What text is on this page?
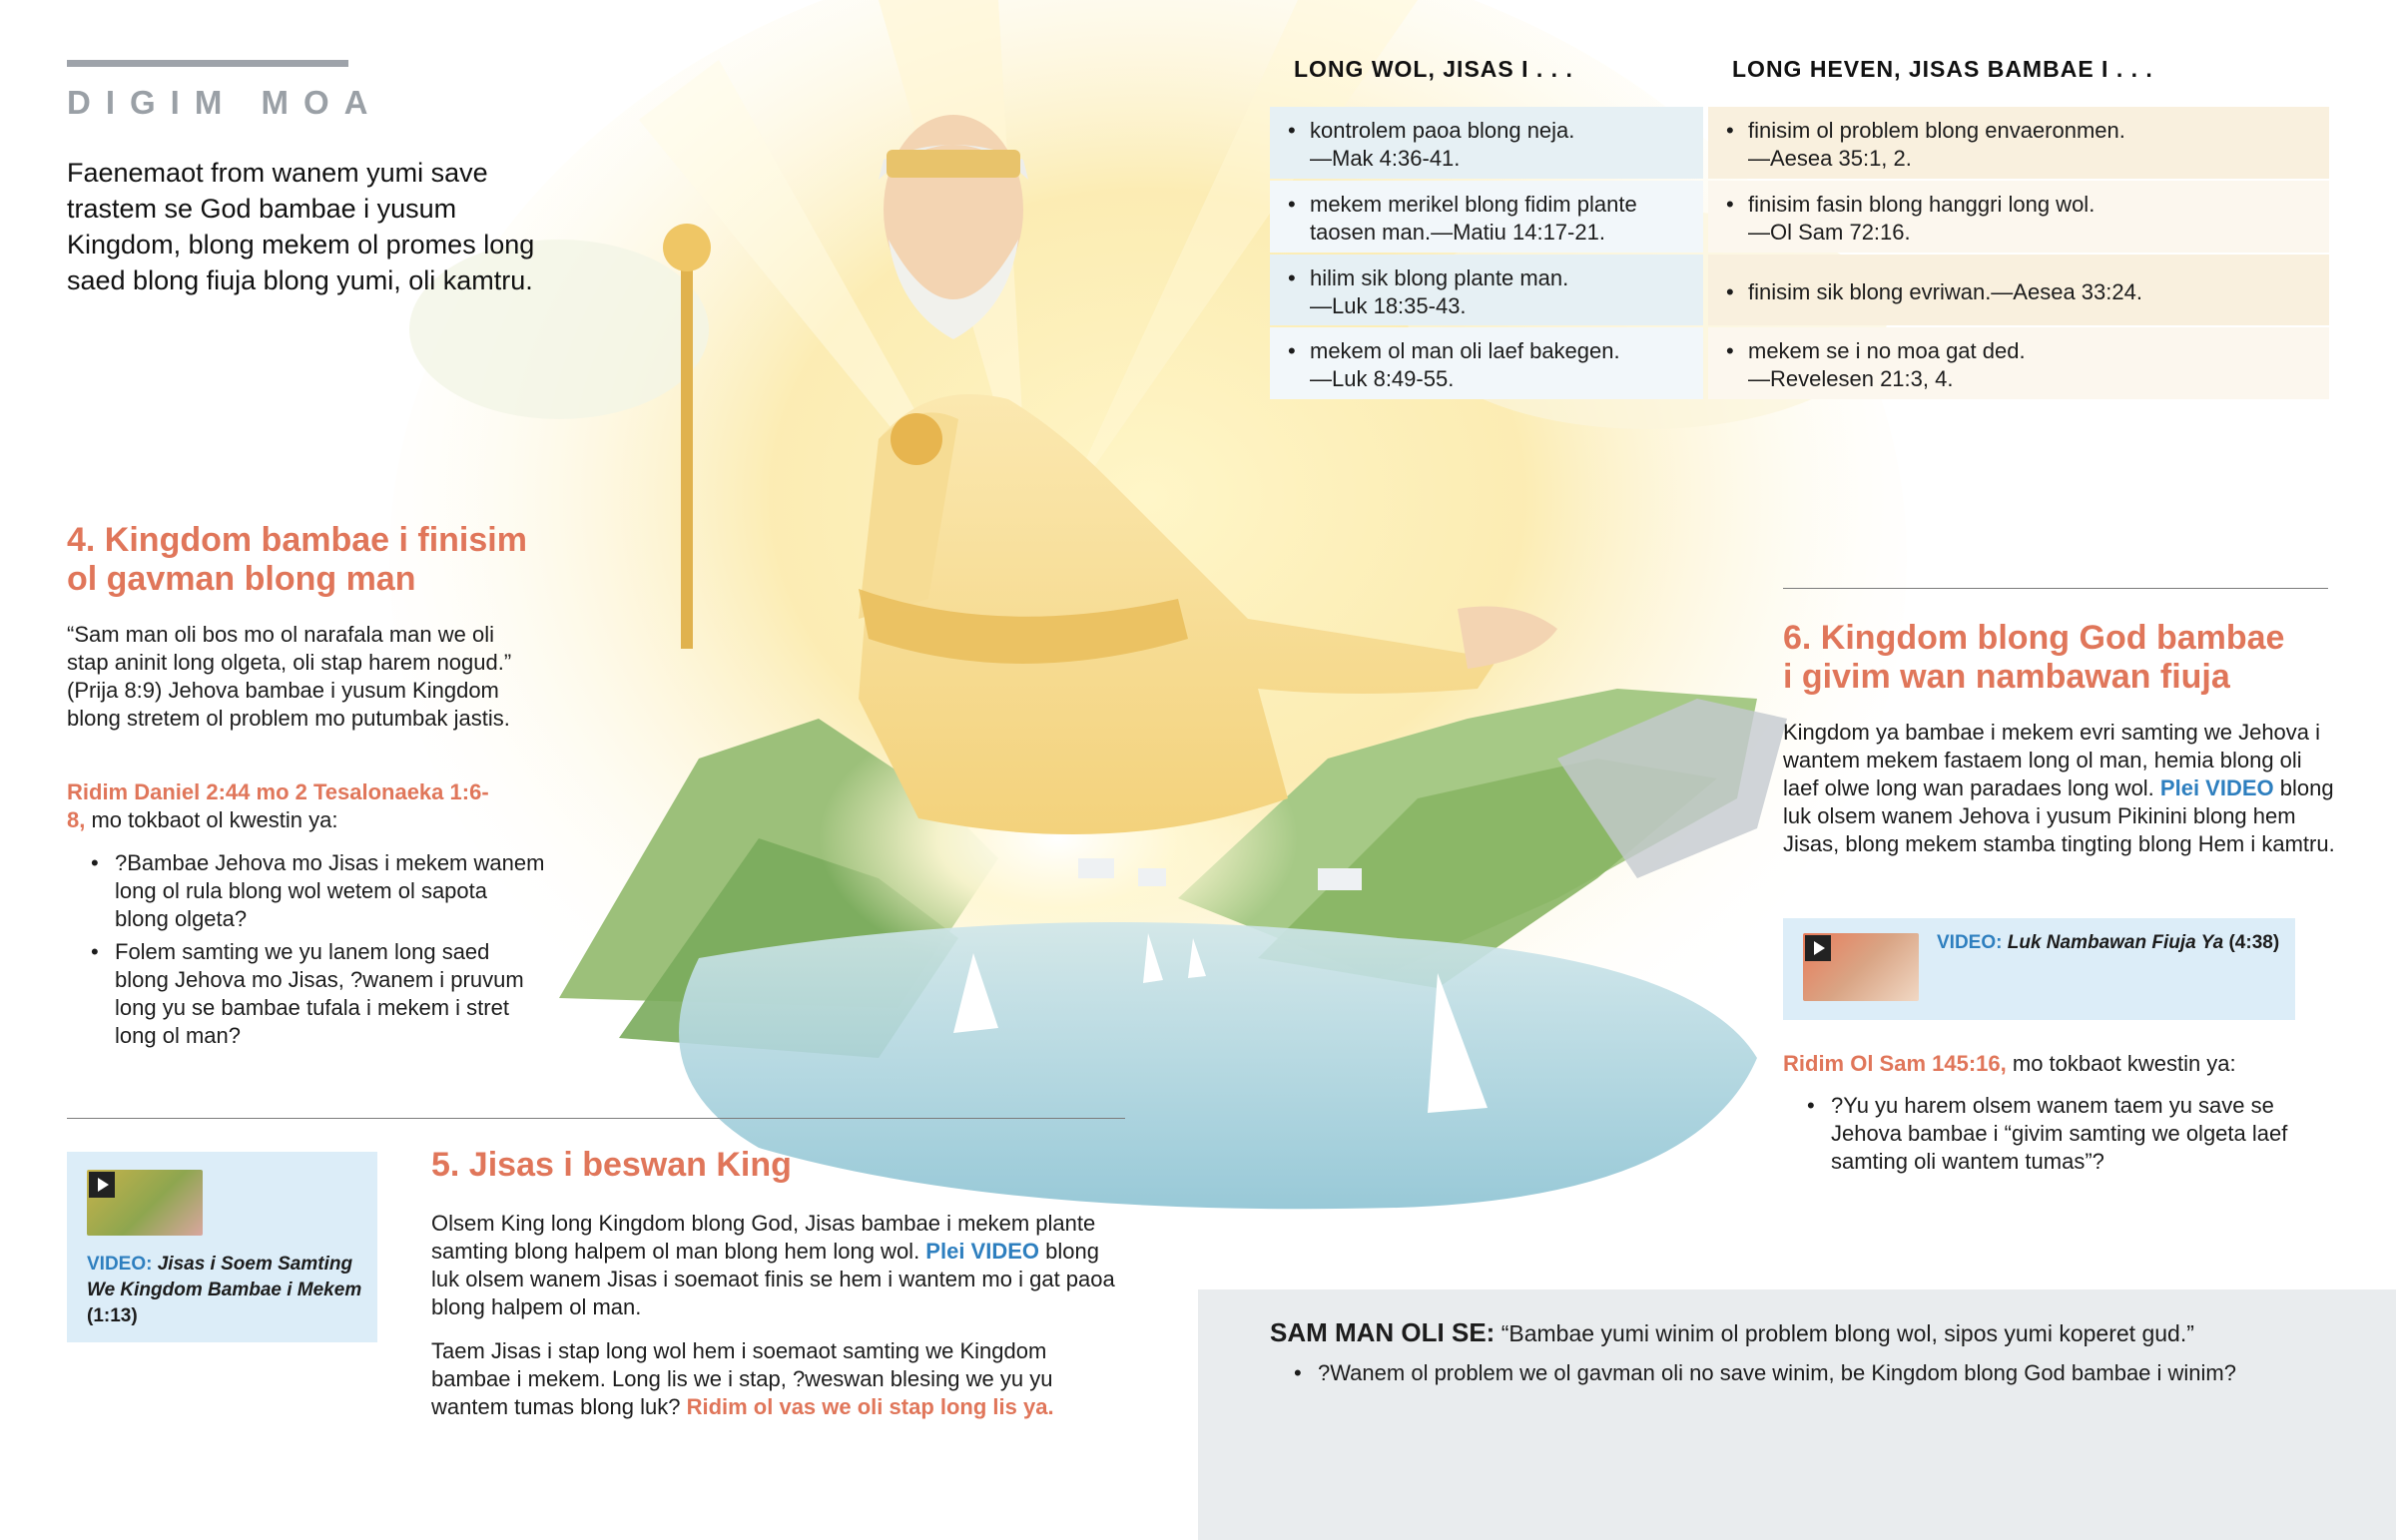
DIGIM MOA
Faenemaot from wanem yumi save trastem se God bambae i yusum Kingdom, blong mekem ol promes long saed blong fiuja blong yumi, oli kamtru.
LONG WOL, JISAS I . . .	LONG HEVEN, JISAS BAMBAE I . . .
• kontrolem paoa blong neja.
—Mak 4:36-41.
• finisim ol problem blong envaeronmen.
—Aesea 35:1, 2.
• mekem merikel blong fidim plante
taosen man.—Matiu 14:17-21.
• finisim fasin blong hanggri long wol.
—Ol Sam 72:16.
• hilim sik blong plante man.
—Luk 18:35-43.
• finisim sik blong evriwan.—Aesea 33:24.
• mekem ol man oli laef bakegen.
—Luk 8:49-55.
• mekem se i no moa gat ded.
—Revelesen 21:3, 4.
4. Kingdom bambae i finisim
ol gavman blong man
“Sam man oli bos mo ol narafala man we oli stap aninit long olgeta, oli stap harem nogud.” (Prija 8:9) Jehova bambae i yusum Kingdom blong stretem ol problem mo putumbak jastis.
Ridim Daniel 2:44 mo 2 Tesalonaeka 1:6-8, mo tokbaot ol kwestin ya:
• ?Bambae Jehova mo Jisas i mekem wanem long ol rula blong wol wetem ol sapota blong olgeta?
• Folem samting we yu lanem long saed blong Jehova mo Jisas, ?wanem i pruvum long yu se bambae tufala i mekem i stret long ol man?
VIDEO: Jisas i Soem Samting We Kingdom Bambae i Mekem (1:13)
5. Jisas i beswan King
Olsem King long Kingdom blong God, Jisas bambae i mekem plante samting blong halpem ol man blong hem long wol. Plei VIDEO blong luk olsem wanem Jisas i soemaot finis se hem i wantem mo i gat paoa blong halpem ol man.
Taem Jisas i stap long wol hem i soemaot samting we Kingdom bambae i mekem. Long lis we i stap, ?weswan blesing we yu yu wantem tumas blong luk? Ridim ol vas we oli stap long lis ya.
6. Kingdom blong God bambae
i givim wan nambawan fiuja
Kingdom ya bambae i mekem evri samting we Jehova i wantem mekem fastaem long ol man, hemia blong oli laef olwe long wan paradaes long wol. Plei VIDEO blong luk olsem wanem Jehova i yusum Pikinini blong hem Jisas, blong mekem stamba tingting blong Hem i kamtru.
VIDEO: Luk Nambawan Fiuja Ya (4:38)
Ridim Ol Sam 145:16, mo tokbaot kwestin ya:
• ?Yu yu harem olsem wanem taem yu save se Jehova bambae i “givim samting we olgeta laef samting oli wantem tumas”?
SAM MAN OLI SE: “Bambae yumi winim ol problem blong wol, sipos yumi koperet gud.”
• ?Wanem ol problem we ol gavman oli no save winim, be Kingdom blong God bambae i winim?
